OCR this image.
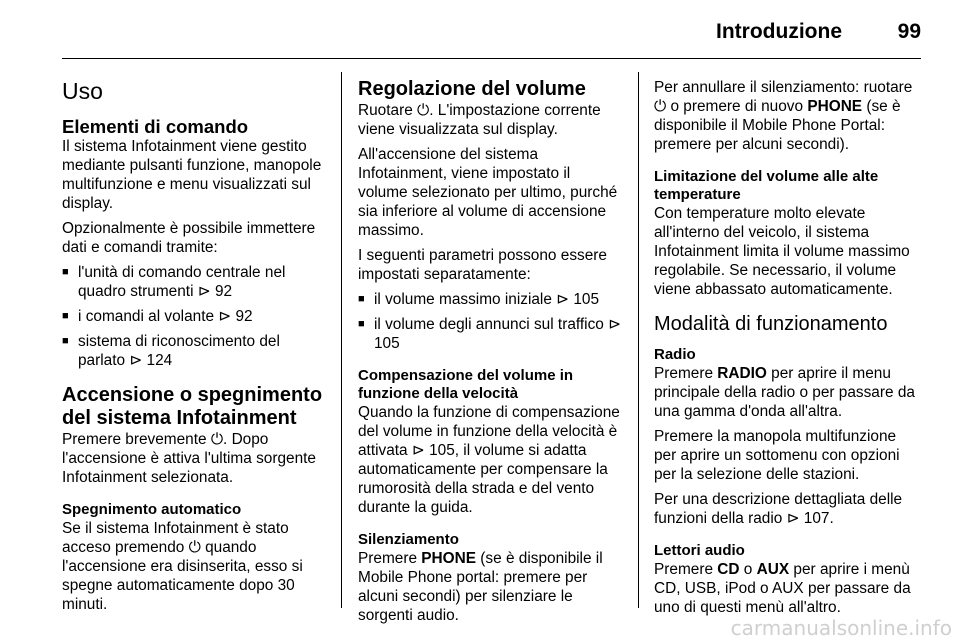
Introduzione	99
Uso
Elementi di comando

Il sistema Infotainment viene gestito mediante pulsanti funzione, manopole multifunzione e menu visualizzati sul display.

Opzionalmente è possibile immettere dati e comandi tramite:

■ l'unità di comando centrale nel quadro strumenti ⊳ 92
■ i comandi al volante ⊳ 92
■ sistema di riconoscimento del parlato ⊳ 124
Accensione o spegnimento del sistema Infotainment

Premere brevemente ⏻. Dopo l'accensione è attiva l'ultima sorgente Infotainment selezionata.

Spegnimento automatico

Se il sistema Infotainment è stato acceso premendo ⏻ quando l'accensione era disinserita, esso si spegne automaticamente dopo 30 minuti.

Regolazione del volume

Ruotare ⏻. L'impostazione corrente viene visualizzata sul display.

All'accensione del sistema Infotainment, viene impostato il volume selezionato per ultimo, purché sia inferiore al volume di accensione massimo.

I seguenti parametri possono essere impostati separatamente:

■ il volume massimo iniziale ⊳ 105
■ il volume degli annunci sul traffico ⊳ 105
Compensazione del volume in funzione della velocità

Quando la funzione di compensazione del volume in funzione della velocità è attivata ⊳ 105, il volume si adatta automaticamente per compensare la rumorosità della strada e del vento durante la guida.

Silenziamento

Premere PHONE (se è disponibile il Mobile Phone portal: premere per alcuni secondi) per silenziare le sorgenti audio.

Per annullare il silenziamento: ruotare ⏻ o premere di nuovo PHONE (se è disponibile il Mobile Phone Portal: premere per alcuni secondi).

Limitazione del volume alle alte temperature

Con temperature molto elevate all'interno del veicolo, il sistema Infotainment limita il volume massimo regolabile. Se necessario, il volume viene abbassato automaticamente.

Modalità di funzionamento
Radio

Premere RADIO per aprire il menu principale della radio o per passare da una gamma d'onda all'altra.

Premere la manopola multifunzione per aprire un sottomenu con opzioni per la selezione delle stazioni.

Per una descrizione dettagliata delle funzioni della radio ⊳ 107.

Lettori audio

Premere CD o AUX per aprire i menù CD, USB, iPod o AUX per passare da uno di questi menù all'altro.

carmanualsonline.info
